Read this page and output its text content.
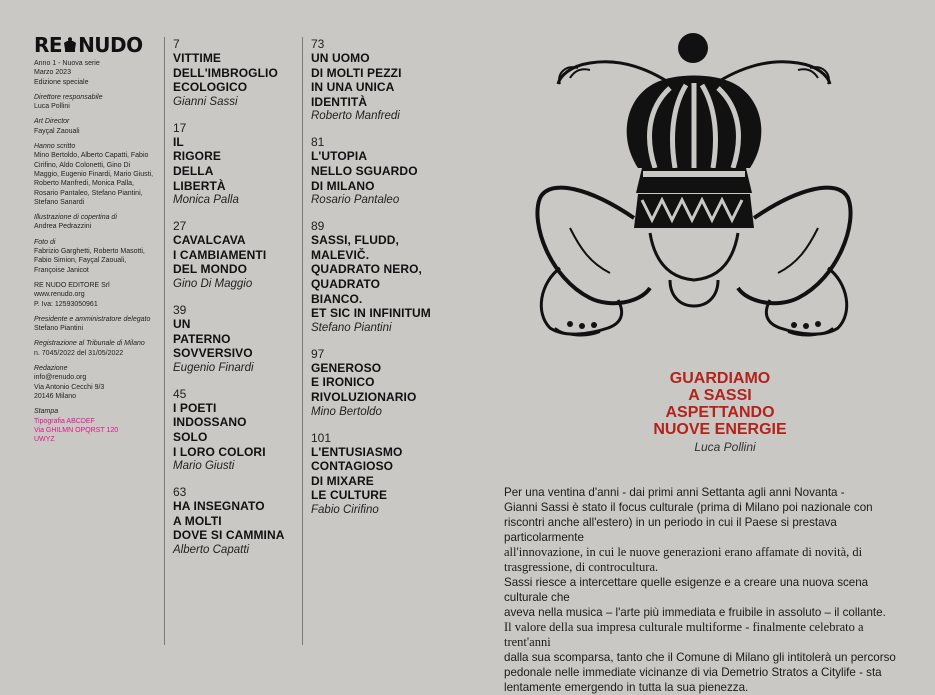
RE NUDO
Anno 1 - Nuova serie
Marzo 2023
Edizione speciale
Direttore responsabile
Luca Pollini
Art Director
Fayçal Zaouali
Hanno scritto
Mino Bertoldo, Alberto Capatti, Fabio Cirifino, Aldo Colonetti, Gino Di Maggio, Eugenio Finardi, Mario Giusti, Roberto Manfredi, Monica Palla, Rosario Pantaleo, Stefano Piantini, Stefano Sanardi
Illustrazione di copertina di
Andrea Pedrazzini
Foto di
Fabrizio Garghetti, Roberto Masotti, Fabio Simion, Fayçal Zaouali, Françoise Janicot
RE NUDO EDITORE Srl
www.renudo.org
P. Iva: 12593050961
Presidente e amministratore delegato
Stefano Piantini
Registrazione al Tribunale di Milano
n. 7045/2022 del 31/05/2022
Redazione
info@renudo.org
Via Antonio Cecchi 9/3
20146 Milano
Stampa
Tipografia ABCDEF
Via GHILMN OPQRST 120
UWYZ
7
VITTIME
DELL'IMBROGLIO
ECOLOGICO
Gianni Sassi
17
IL
RIGORE
DELLA
LIBERTÀ
Monica Palla
27
CAVALCAVA
I CAMBIAMENTI
DEL MONDO
Gino Di Maggio
39
UN
PATERNO
SOVVERSIVO
Eugenio Finardi
45
I POETI
INDOSSANO
SOLO
I LORO COLORI
Mario Giusti
63
HA INSEGNATO
A MOLTI
DOVE SI CAMMINA
Alberto Capatti
73
UN UOMO
DI MOLTI PEZZI
IN UNA UNICA
IDENTITÀ
Roberto Manfredi
81
L'UTOPIA
NELLO SGUARDO
DI MILANO
Rosario Pantaleo
89
SASSI, FLUDD,
MALEVIČ.
QUADRATO NERO,
QUADRATO
BIANCO.
ET SIC IN INFINITUM
Stefano Piantini
97
GENEROSO
E IRONICO
RIVOLUZIONARIO
Mino Bertoldo
101
L'ENTUSIASMO
CONTAGIOSO
DI MIXARE
LE CULTURE
Fabio Cirifino
GUARDIAMO
A SASSI
ASPETTANDO
NUOVE ENERGIE
Luca Pollini
Per una ventina d'anni - dai primi anni Settanta agli anni Novanta -
Gianni Sassi è stato il focus culturale (prima di Milano poi nazionale con
riscontri anche all'estero) in un periodo in cui il Paese si prestava particolarmente
all'innovazione, in cui le nuove generazioni erano affamate di novità, di
trasgressione, di controcultura.
Sassi riesce a intercettare quelle esigenze e a creare una nuova scena culturale che
aveva nella musica – l'arte più immediata e fruibile in assoluto – il collante.
Il valore della sua impresa culturale multiforme - finalmente celebrato a trent'anni
dalla sua scomparsa, tanto che il Comune di Milano gli intitolerà un percorso
pedonale nelle immediate vicinanze di via Demetrio Stratos a Citylife - sta
lentamente emergendo in tutta la sua pienezza.
